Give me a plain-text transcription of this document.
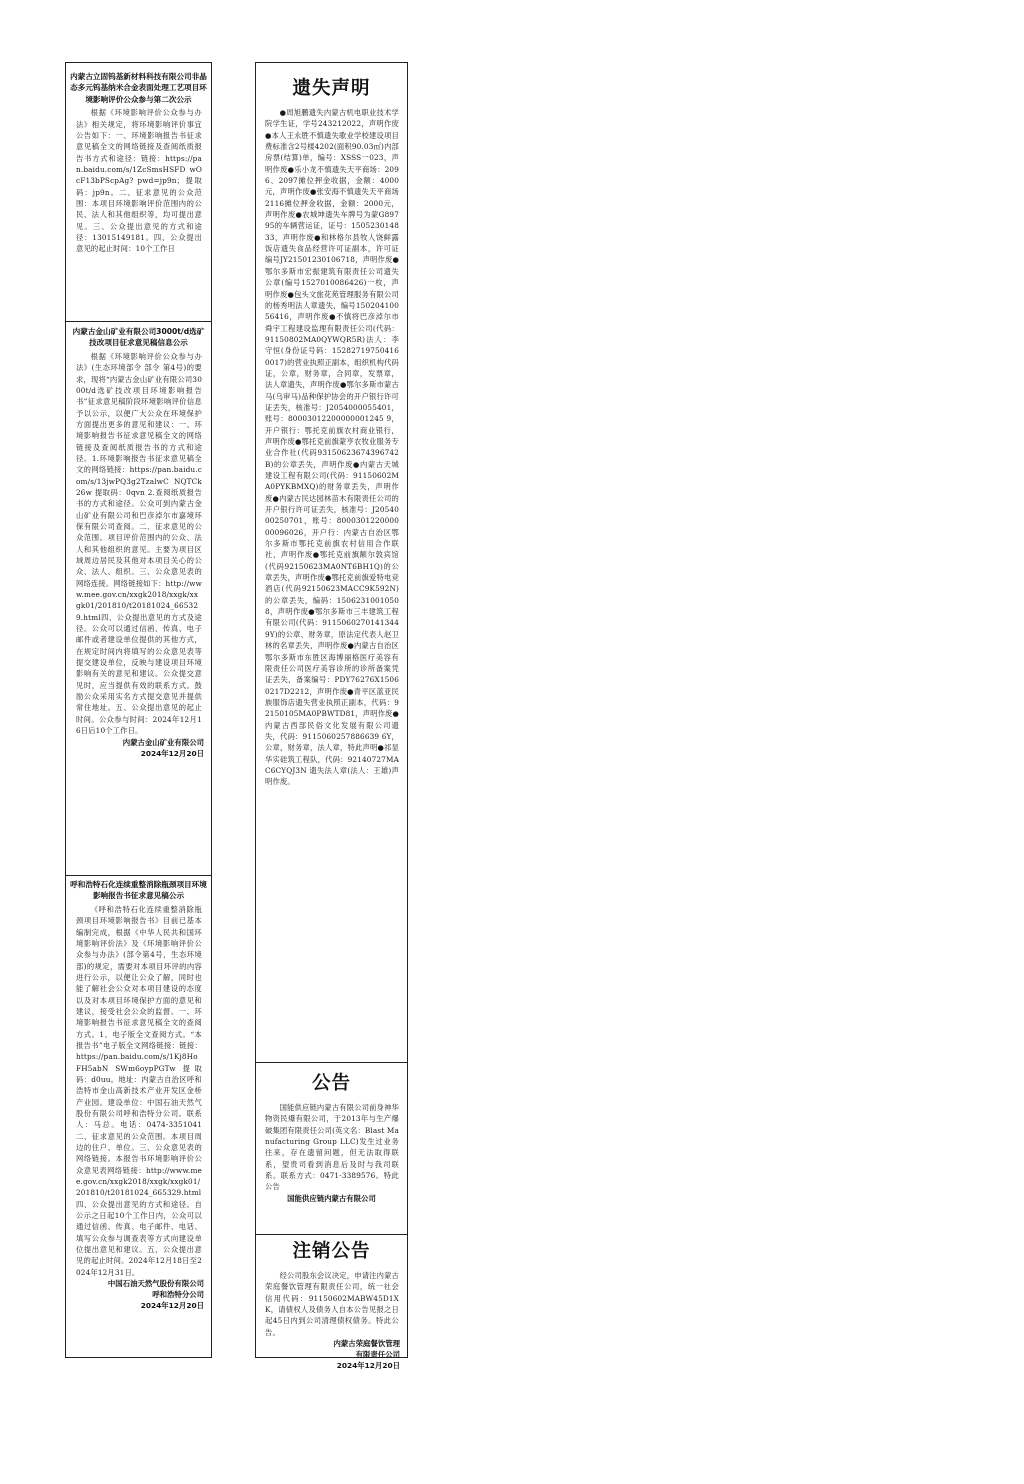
内蒙古立固钨基新材料科技有限公司非晶态多元钨基纳米合金表面处理工艺项目环境影响评价公众参与第二次公示

根据《环境影响评价公众参与办法》相关规定，将环境影响评价事宜公告如下：一、环境影响报告书征求意见稿全文的网络链接及查阅纸质报告书方式和途径：链接：https://pan.baidu.com/s/1ZcSmsHSFD wOcF13bPScpAg? pwd=jp9n；提取码：jp9n。二、征求意见的公众范围：本项目环境影响评价范围内的公民、法人和其他组织等，均可提出意见。三、公众提出意见的方式和途径：13015149181。四、公众提出意见的起止时间：10个工作日

内蒙古金山矿业有限公司3000t/d选矿技改项目征求意见稿信息公示

根据《环境影响评价公众参与办法》(生态环境部令 部令 第4号)的要求，现将“内蒙古金山矿业有限公司3000t/d选矿技改项目环境影响报告书”征求意见稿阶段环境影响评价信息予以公示，以便广大公众在环境保护方面提出更多的意见和建议：一、环境影响报告书征求意见稿全文的网络链接及查阅纸质报告书的方式和途径。1.环境影响报告书征求意见稿全文的网络链接：https://pan.baidu.com/s/13jwPQ3g2TzalwC NQTCk26w 提取码：0qvn 2.查阅纸质报告书的方式和途径。公众可到内蒙古金山矿业有限公司和巴彦淖尔市嘉境环保有限公司查阅。二、征求意见的公众范围。项目评价范围内的公众、法人和其他组织的意见。主要为项目区域周边居民及其他对本项目关心的公众、法人、组织。三、公众意见表的网络连接。网络链接如下：http://www.mee.gov.cn/xxgk2018/xxgk/xxgk01/201810/t20181024_665329.html四、公众提出意见的方式及途径。公众可以通过信函、传真、电子邮件或者建设单位提供的其他方式，在规定时间内将填写的公众意见表等提交建设单位，反映与建设项目环境影响有关的意见和建议。公众提交意见时，应当提供有效的联系方式。鼓励公众采用实名方式提交意见并提供常住地址。五、公众提出意见的起止时间。公众参与时间：2024年12月16日后10个工作日。

内蒙古金山矿业有限公司

2024年12月20日

呼和浩特石化连续重整消除瓶颈项目环境影响报告书征求意见稿公示

《呼和浩特石化连续重整消除瓶颈项目环境影响报告书》目前已基本编制完成，根据《中华人民共和国环境影响评价法》及《环境影响评价公众参与办法》(部令第4号，生态环境部)的规定，需要对本项目环评的内容进行公示，以便让公众了解，同时也能了解社会公众对本项目建设的态度以及对本项目环境保护方面的意见和建议，接受社会公众的监督。一、环境影响报告书征求意见稿全文的查阅方式。1、电子版全文查阅方式。“本报告书”电子版全文网络链接：链接：https://pan.baidu.com/s/1Kj8HoFH5abN SWm6oypPGTw 提取码：d0uu。地址：内蒙古自治区呼和浩特市金山高新技术产业开发区金桥产业园。建设单位：中国石油天然气股份有限公司呼和浩特分公司。联系人：马总。电话：0474-3351041 二、征求意见的公众范围。本项目周边的住户、单位。三、公众意见表的网络链接。本报告书环境影响评价公众意见表网络链接：http://www.mee.gov.cn/xxgk2018/xxgk/xxgk01/201810/t20181024_665329.html四、公众提出意见的方式和途径。自公示之日起10个工作日内，公众可以通过信函、传真、电子邮件、电话、填写公众参与调查表等方式向建设单位提出意见和建议。五、公众提出意见的起止时间。2024年12月18日至2024年12月31日。

中国石油天然气股份有限公司

呼和浩特分公司

2024年12月20日

遗失声明

●周旭鹏遗失内蒙古机电职业技术学院学生证，学号243212022，声明作废●本人王永胜不慎遗失歌业学校建设项目费标准含2号楼4202(面积90.03㎡)内部房票(结算)单，编号：XSSS一023，声明作废●乐小龙不慎遗失天平商场：2096、2097摊位押金收据，金额：4000元，声明作废●张安海不慎遗失天平商场2116摊位押金收据，金额：2000元，声明作废●农城坤遗失车牌号为蒙G89795的车辆营运证，证号：150523014833，声明作废●和林格尔县牧人饶鲜露饭店遗失食品经营许可证副本，许可证编号JY21501230106718，声明作废●鄂尔多斯市宏振建筑有限责任公司遗失公章(编号1527010086426)一枚，声明作废●包头文旅花苑管理服务有限公司的杨秀明法人章遗失，编号15020410056416，声明作废●不慎将巴彦淖尔市舜宇工程建设监理有限责任公司(代码：91150802MA0QYWQR5R)法人：李守恒(身份证号码：152827197504160017)的营业执照正副本，组织机构代码证，公章，财务章，合同章，发票章，法人章遗失，声明作废●鄂尔多斯市蒙古马(乌审马)品种保护协会的开户银行许可证丢失，核准号：J2054000055401，账号：80003012200000001245 9，开户银行：鄂托克前旗农村商业银行，声明作废●鄂托克前旗蒙亨农牧业服务专业合作社(代码93150623674396742B)的公章丢失，声明作废●内蒙古天城建设工程有限公司(代码：91150602MA0PYKBMXQ)的财务章丢失，声明作废●内蒙古民达园林苗木有限责任公司的开户银行许可证丢失，核准号：J2054000250701，账号：800030122000000096026，开户行：内蒙古自治区鄂尔多斯市鄂托克前旗农村信用合作联社，声明作废●鄂托克前旗额尔敦宾馆(代码92150623MA0NT6BH1Q)的公章丢失，声明作废●鄂托克前旗爱特电竞酒店(代码92150623MACC9K592N)的公章丢失，编码：15062310010508，声明作废●鄂尔多斯市三丰建筑工程有限公司(代码：91150602701413449Y)的公章、财务章，原法定代表人赵卫林的名章丢失，声明作废●内蒙古自治区鄂尔多斯市东胜区海博丽格医疗美容有限责任公司医疗美容诊所的诊所备案凭证丢失，备案编号：PDY76276X15060217D2212，声明作废●青平区蓝亚民族服饰店遗失营业执照正副本，代码：92150105MA0PBWTD81，声明作废●内蒙古西部民俗文化发展有限公司遗失，代码：9115060257886639 6Y，公章，财务章，法人章，特此声明●祁显华实硅筑工程队，代码：92140727MAC6CYQJ3N 遗失法人章(法人：王雄)声明作废。

公告

国能供应链内蒙古有限公司前身神华物资民爆有限公司，于2013年与生产爆破集团有限责任公司(英文名：Blast Manufacturing Group LLC)发生过业务往来，存在遗留问题，但无法取得联系，望贵司看到消息后及时与我司联系。联系方式：0471-3389576。特此公告

国能供应链内蒙古有限公司

注销公告

经公司股东会议决定，申请注内蒙古荣庭餐饮管理有限责任公司，统一社会信用代码：91150602MABW45D1XK，请债权人及债务人自本公告见报之日起45日内到公司清理债权债务。特此公告。

内蒙古荣庭餐饮管理

有限责任公司

2024年12月20日
